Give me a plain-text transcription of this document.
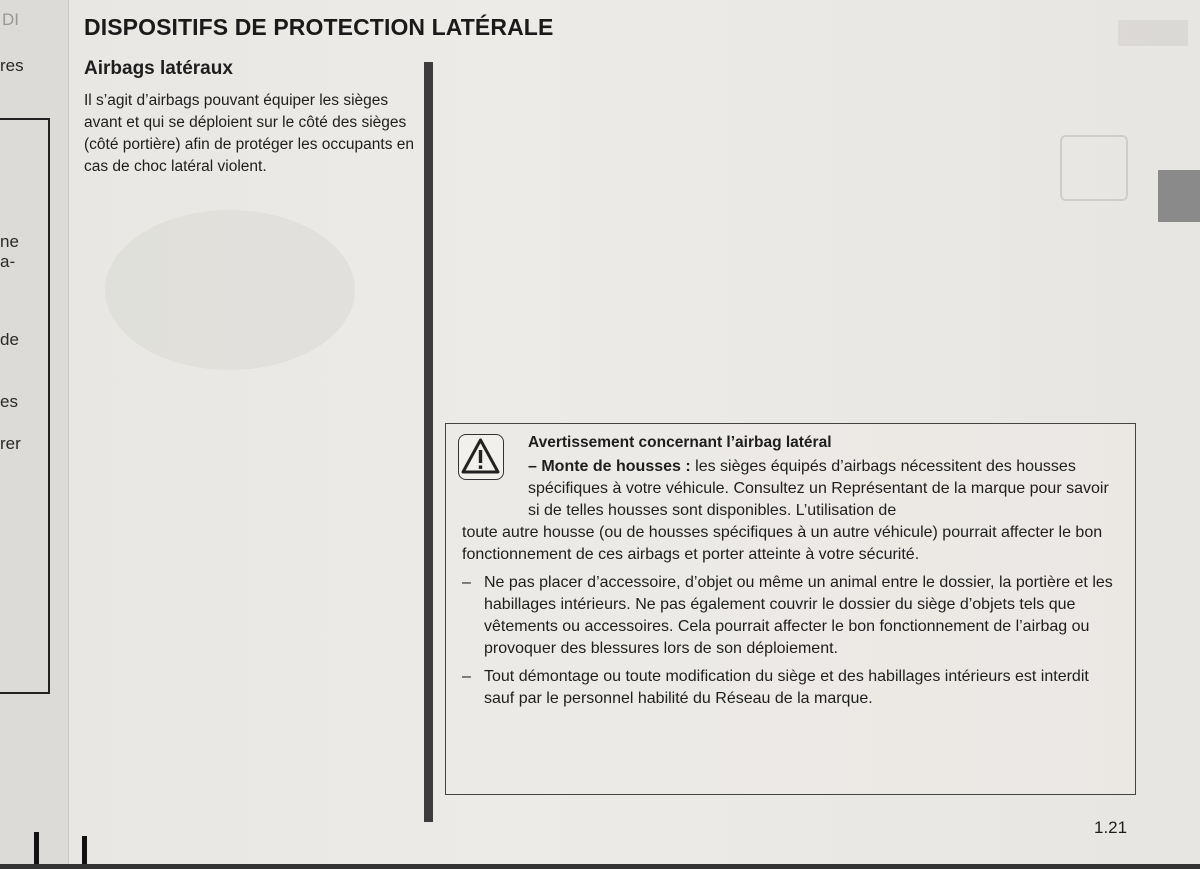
DI
res
ne
a-
de
es
rer
DISPOSITIFS DE PROTECTION LATÉRALE
Airbags latéraux
Il s’agit d’airbags pouvant équiper les sièges avant et qui se déploient sur le côté des sièges (côté portière) afin de protéger les occupants en cas de choc latéral violent.

Avertissement concernant l’airbag latéral

– Monte de housses : les sièges équipés d’airbags nécessitent des housses spécifiques à votre véhicule. Consultez un Représentant de la marque pour savoir si de telles housses sont disponibles. L’utilisation de

toute autre housse (ou de housses spécifiques à un autre véhicule) pourrait affecter le bon fonctionnement de ces airbags et porter atteinte à votre sécurité.

– Ne pas placer d’accessoire, d’objet ou même un animal entre le dossier, la portière et les habillages intérieurs. Ne pas également couvrir le dossier du siège d’objets tels que vêtements ou accessoires. Cela pourrait affecter le bon fonctionnement de l’airbag ou provoquer des blessures lors de son déploiement.

– Tout démontage ou toute modification du siège et des habillages intérieurs est interdit sauf par le personnel habilité du Réseau de la marque.

1.21
